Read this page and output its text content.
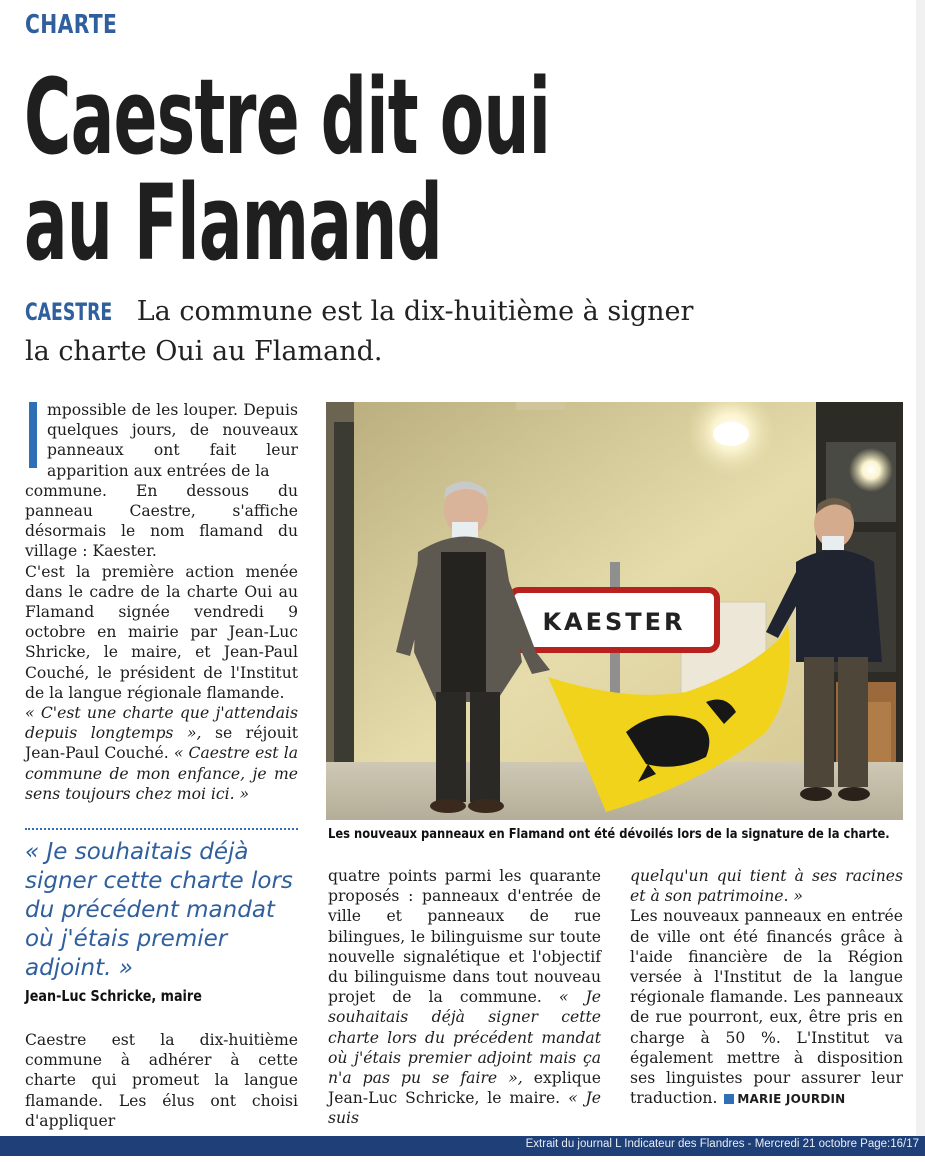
CHARTE
Caestre dit oui
au Flamand
CAESTRE La commune est la dix-huitième à signer la charte Oui au Flamand.

mpossible de les louper. Depuis quelques jours, de nouveaux panneaux ont fait leur apparition aux entrées de la

commune. En dessous du panneau Caestre, s'affiche désormais le nom flamand du village : Kaester.

C'est la première action menée dans le cadre de la charte Oui au Flamand signée vendredi 9 octobre en mairie par Jean-Luc Shricke, le maire, et Jean-Paul Couché, le président de l'Institut de la langue régionale flamande.

« C'est une charte que j'attendais depuis longtemps », se réjouit Jean-Paul Couché. « Caestre est la commune de mon enfance, je me sens toujours chez moi ici. »

« Je souhaitais déjà signer cette charte lors du précédent mandat où j'étais premier adjoint. »
Jean-Luc Schricke, maire

Caestre est la dix-huitième commune à adhérer à cette charte qui promeut la langue flamande. Les élus ont choisi d'appliquer

KAESTER
Les nouveaux panneaux en Flamand ont été dévoilés lors de la signature de la charte.

quatre points parmi les quarante proposés : panneaux d'entrée de ville et panneaux de rue bilingues, le bilinguisme sur toute nouvelle signalétique et l'objectif du bilinguisme dans tout nouveau projet de la commune. « Je souhaitais déjà signer cette charte lors du précédent mandat où j'étais premier adjoint mais ça n'a pas pu se faire », explique Jean-Luc Schricke, le maire. « Je suis

quelqu'un qui tient à ses racines et à son patrimoine. »

Les nouveaux panneaux en entrée de ville ont été financés grâce à l'aide financière de la Région versée à l'Institut de la langue régionale flamande. Les panneaux de rue pourront, eux, être pris en charge à 50 %. L'Institut va également mettre à disposition ses linguistes pour assurer leur traduction. MARIE JOURDIN

Extrait du journal L Indicateur des Flandres - Mercredi 21 octobre Page:16/17
